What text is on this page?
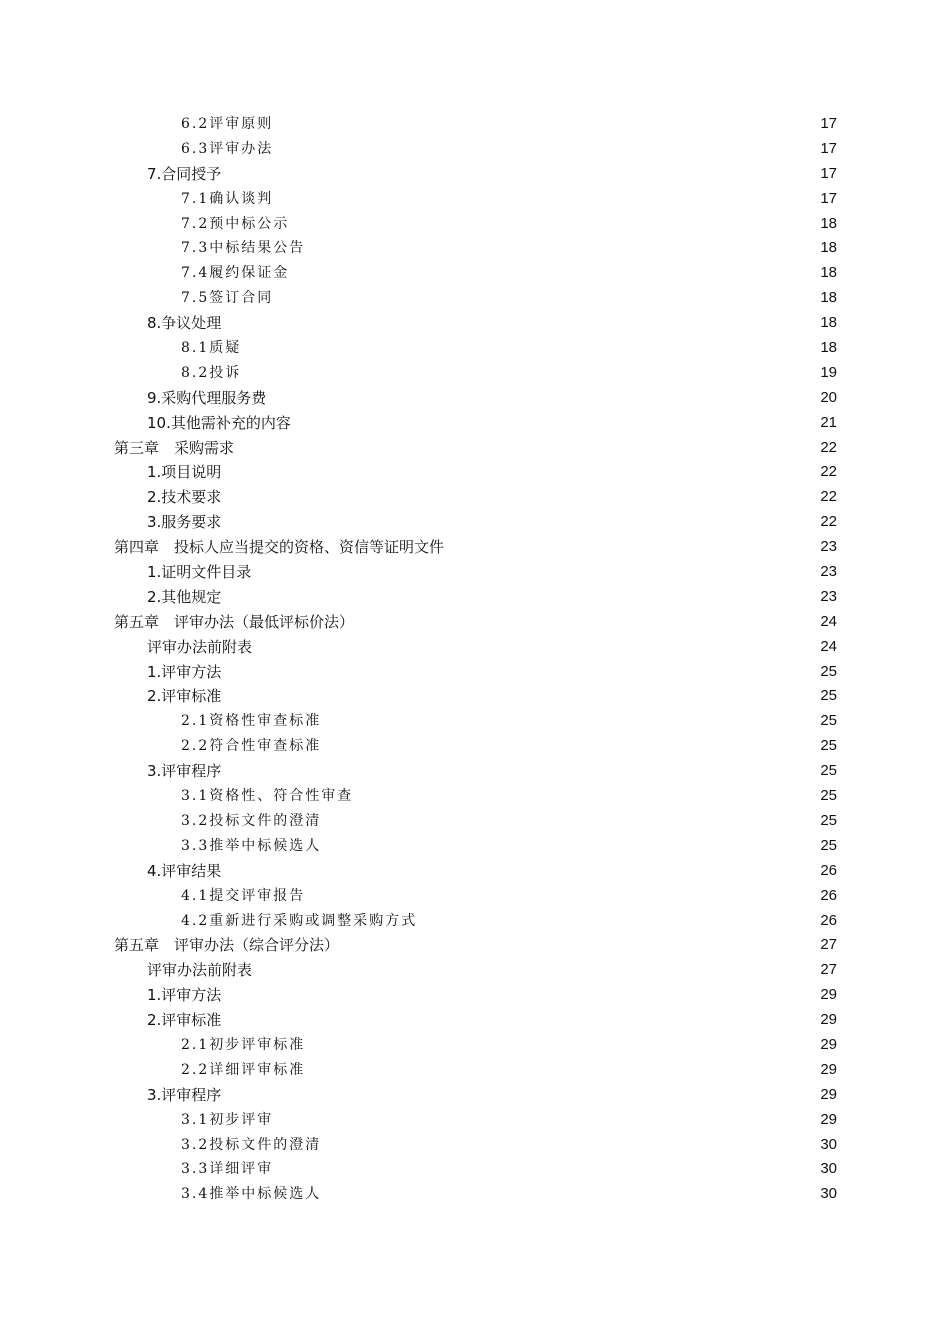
6.2评审原则	17
6.3评审办法	17
7.合同授予	17
7.1确认谈判	17
7.2预中标公示	18
7.3中标结果公告	18
7.4履约保证金	18
7.5签订合同	18
8.争议处理	18
8.1质疑	18
8.2投诉	19
9.采购代理服务费	20
10.其他需补充的内容	21
第三章　采购需求	22
1.项目说明	22
2.技术要求	22
3.服务要求	22
第四章　投标人应当提交的资格、资信等证明文件	23
1.证明文件目录	23
2.其他规定	23
第五章　评审办法（最低评标价法）	24
评审办法前附表	24
1.评审方法	25
2.评审标准	25
2.1资格性审查标准	25
2.2符合性审查标准	25
3.评审程序	25
3.1资格性、符合性审查	25
3.2投标文件的澄清	25
3.3推举中标候选人	25
4.评审结果	26
4.1提交评审报告	26
4.2重新进行采购或调整采购方式	26
第五章　评审办法（综合评分法）	27
评审办法前附表	27
1.评审方法	29
2.评审标准	29
2.1初步评审标准	29
2.2详细评审标准	29
3.评审程序	29
3.1初步评审	29
3.2投标文件的澄清	30
3.3详细评审	30
3.4推举中标候选人	30
